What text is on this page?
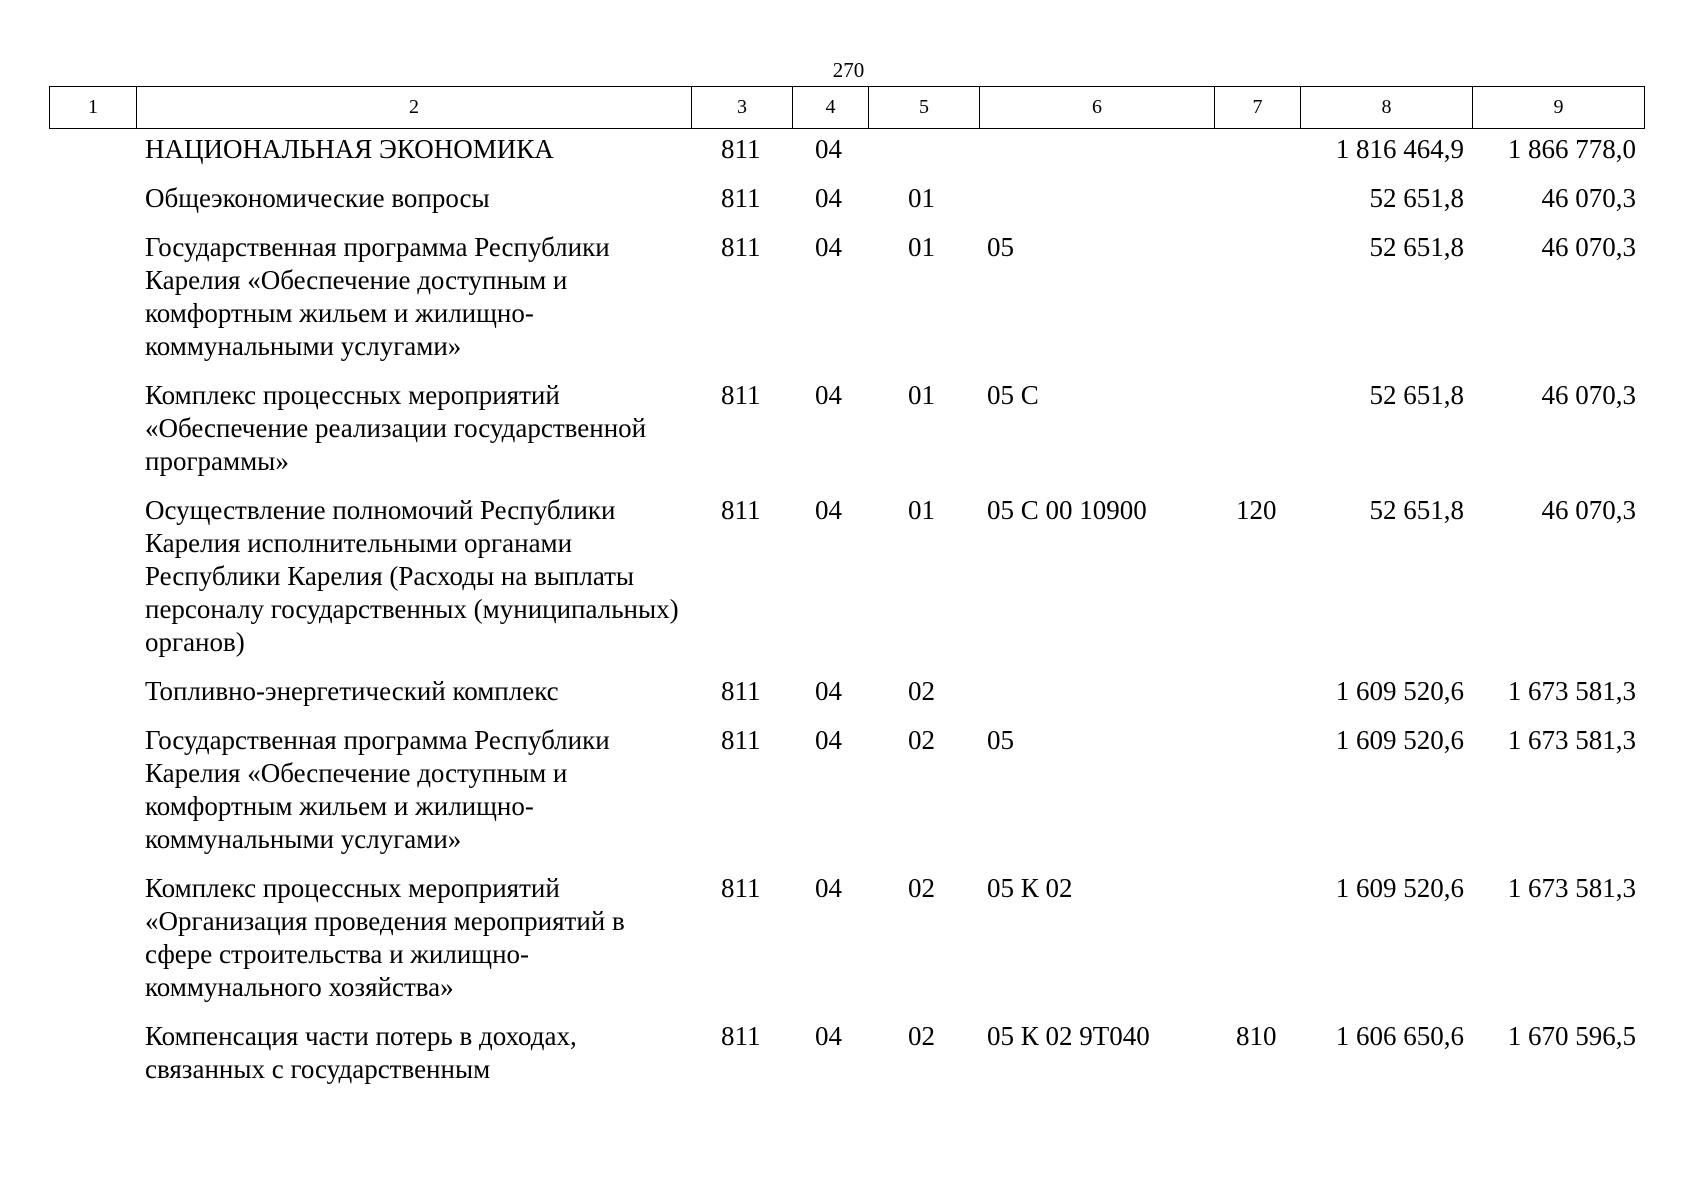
270
1	2	3	4	5	6	7	8	9
	НАЦИОНАЛЬНАЯ ЭКОНОМИКА	811	04				1 816 464,9	1 866 778,0
	Общеэкономические вопросы	811	04	01			52 651,8	46 070,3
	Государственная программа Республики Карелия «Обеспечение доступным и комфортным жильем и жилищно-коммунальными услугами»	811	04	01	05		52 651,8	46 070,3
	Комплекс процессных мероприятий «Обеспечение реализации государственной программы»	811	04	01	05 С		52 651,8	46 070,3
	Осуществление полномочий Республики Карелия исполнительными органами Республики Карелия (Расходы на выплаты персоналу государственных (муниципальных) органов)	811	04	01	05 С 00 10900	120	52 651,8	46 070,3
	Топливно-энергетический комплекс	811	04	02			1 609 520,6	1 673 581,3
	Государственная программа Республики Карелия «Обеспечение доступным и комфортным жильем и жилищно-коммунальными услугами»	811	04	02	05		1 609 520,6	1 673 581,3
	Комплекс процессных мероприятий «Организация проведения мероприятий в сфере строительства и жилищно-коммунального хозяйства»	811	04	02	05 К 02		1 609 520,6	1 673 581,3
	Компенсация части потерь в доходах, связанных с государственным	811	04	02	05 К 02 9Т040	810	1 606 650,6	1 670 596,5
